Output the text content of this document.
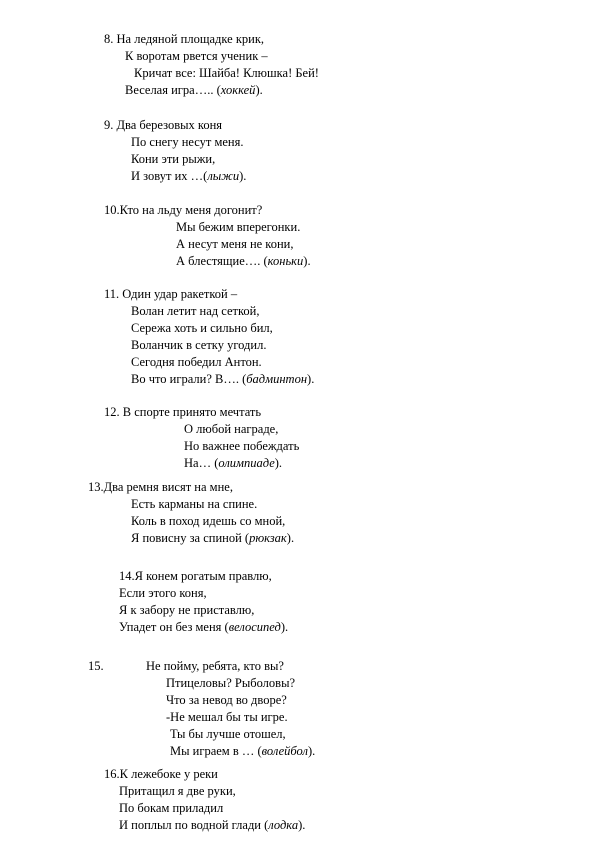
8. На ледяной площадке крик,
К воротам рвется ученик –
Кричат все: Шайба! Клюшка! Бей!
Веселая игра….. (хоккей).
9. Два березовых коня
По снегу несут меня.
Кони эти рыжи,
И зовут их …(лыжи).
10.Кто на льду меня догонит?
Мы бежим вперегонки.
А несут меня не кони,
А блестящие…. (коньки).
11. Один удар ракеткой –
Волан летит над сеткой,
Сережа хоть и сильно бил,
Воланчик в сетку угодил.
Сегодня победил Антон.
Во что играли? В…. (бадминтон).
12. В спорте принято мечтать
О любой награде,
Но важнее побеждать
На… (олимпиаде).
13.Два ремня висят на мне,
Есть карманы на спине.
Коль в поход идешь со мной,
Я повисну за спиной (рюкзак).
14.Я конем рогатым правлю,
Если этого коня,
Я к забору не приставлю,
Упадет он без меня (велосипед).
15.	Не пойму, ребята, кто вы?
Птицеловы? Рыболовы?
Что за невод во дворе?
-Не мешал бы ты игре.
Ты бы лучше отошел,
Мы играем в … (волейбол).
16.К лежебоке у реки
Притащил я две руки,
По бокам приладил
И поплыл по водной глади (лодка).
